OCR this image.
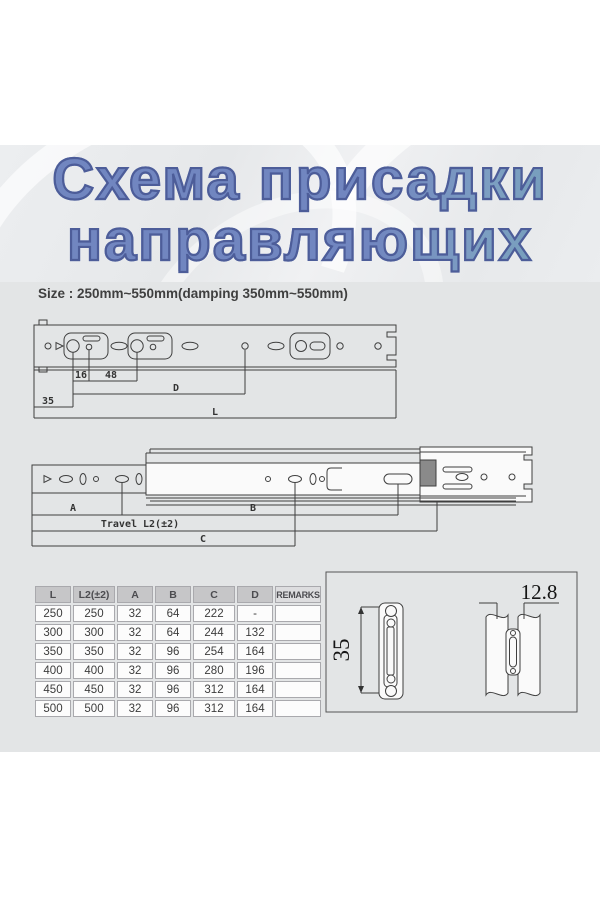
Схема присадки
направляющих
Size : 250mm~550mm(damping 350mm~550mm)
16 48
D
35
L
A	B
Travel L2(±2)
C
L	L2(±2)	A	B	C	D	REMARKS
250	250	32	64	222	-	
300	300	32	64	244	132	
350	350	32	96	254	164	
400	400	32	96	280	196	
450	450	32	96	312	164	
500	500	32	96	312	164	
35
12.8
